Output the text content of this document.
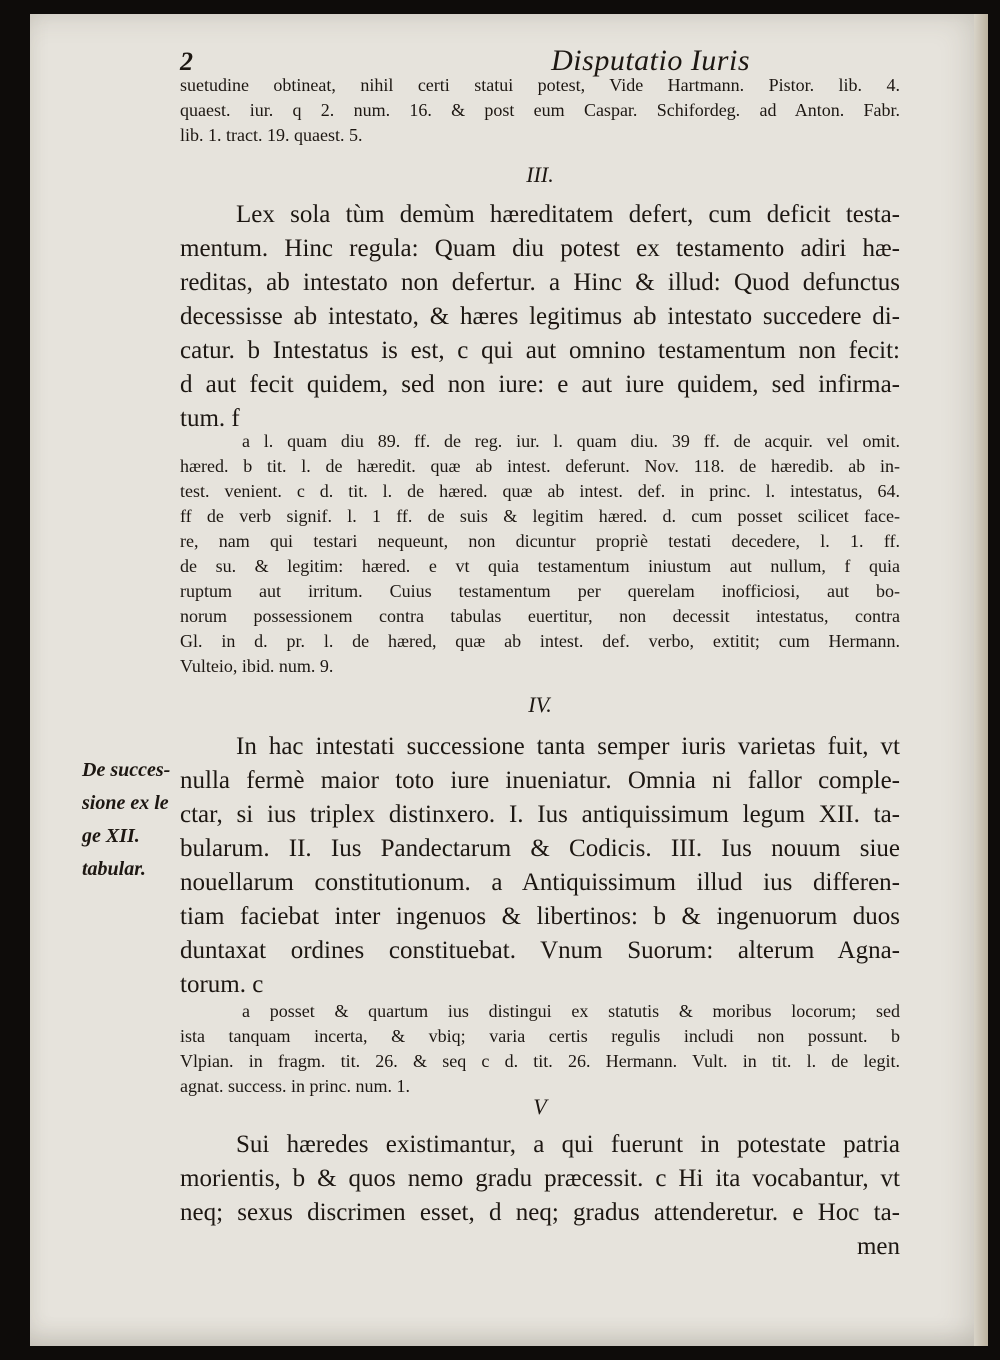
2	Disputatio Iuris
suetudine obtineat, nihil certi statui potest, Vide Hartmann. Pistor. lib. 4.
quaest. iur. q 2. num. 16. & post eum Caspar. Schifordeg. ad Anton. Fabr.
lib. 1. tract. 19. quaest. 5.
III.
Lex sola tùm demùm hæreditatem defert, cum deficit testa-
mentum. Hinc regula: Quam diu potest ex testamento adiri hæ-
reditas, ab intestato non defertur. a Hinc & illud: Quod defunctus
decessisse ab intestato, & hæres legitimus ab intestato succedere di-
catur. b Intestatus is est, c qui aut omnino testamentum non fecit:
d aut fecit quidem, sed non iure: e aut iure quidem, sed infirma-
tum. f
a l. quam diu 89. ff. de reg. iur. l. quam diu. 39 ff. de acquir. vel omit.
hæred. b tit. l. de hæredit. quæ ab intest. deferunt. Nov. 118. de hæredib. ab in-
test. venient. c d. tit. l. de hæred. quæ ab intest. def. in princ. l. intestatus, 64.
ff de verb signif. l. 1 ff. de suis & legitim hæred. d. cum posset scilicet face-
re, nam qui testari nequeunt, non dicuntur propriè testati decedere, l. 1. ff.
de su. & legitim: hæred. e vt quia testamentum iniustum aut nullum, f quia
ruptum aut irritum. Cuius testamentum per querelam inofficiosi, aut bo-
norum possessionem contra tabulas euertitur, non decessit intestatus, contra
Gl. in d. pr. l. de hæred, quæ ab intest. def. verbo, extitit; cum Hermann.
Vulteio, ibid. num. 9.
IV.
De succes-
sione ex le
ge XII.
tabular.
In hac intestati successione tanta semper iuris varietas fuit, vt
nulla fermè maior toto iure inueniatur. Omnia ni fallor comple-
ctar, si ius triplex distinxero. I. Ius antiquissimum legum XII. ta-
bularum. II. Ius Pandectarum & Codicis. III. Ius nouum siue
nouellarum constitutionum. a Antiquissimum illud ius differen-
tiam faciebat inter ingenuos & libertinos: b & ingenuorum duos
duntaxat ordines constituebat. Vnum Suorum: alterum Agna-
torum. c
a posset & quartum ius distingui ex statutis & moribus locorum; sed
ista tanquam incerta, & vbiq; varia certis regulis includi non possunt. b
Vlpian. in fragm. tit. 26. & seq c d. tit. 26. Hermann. Vult. in tit. l. de legit.
agnat. success. in princ. num. 1.
V
Sui hæredes existimantur, a qui fuerunt in potestate patria
morientis, b & quos nemo gradu præcessit. c Hi ita vocabantur, vt
neq; sexus discrimen esset, d neq; gradus attenderetur. e Hoc ta-
men
